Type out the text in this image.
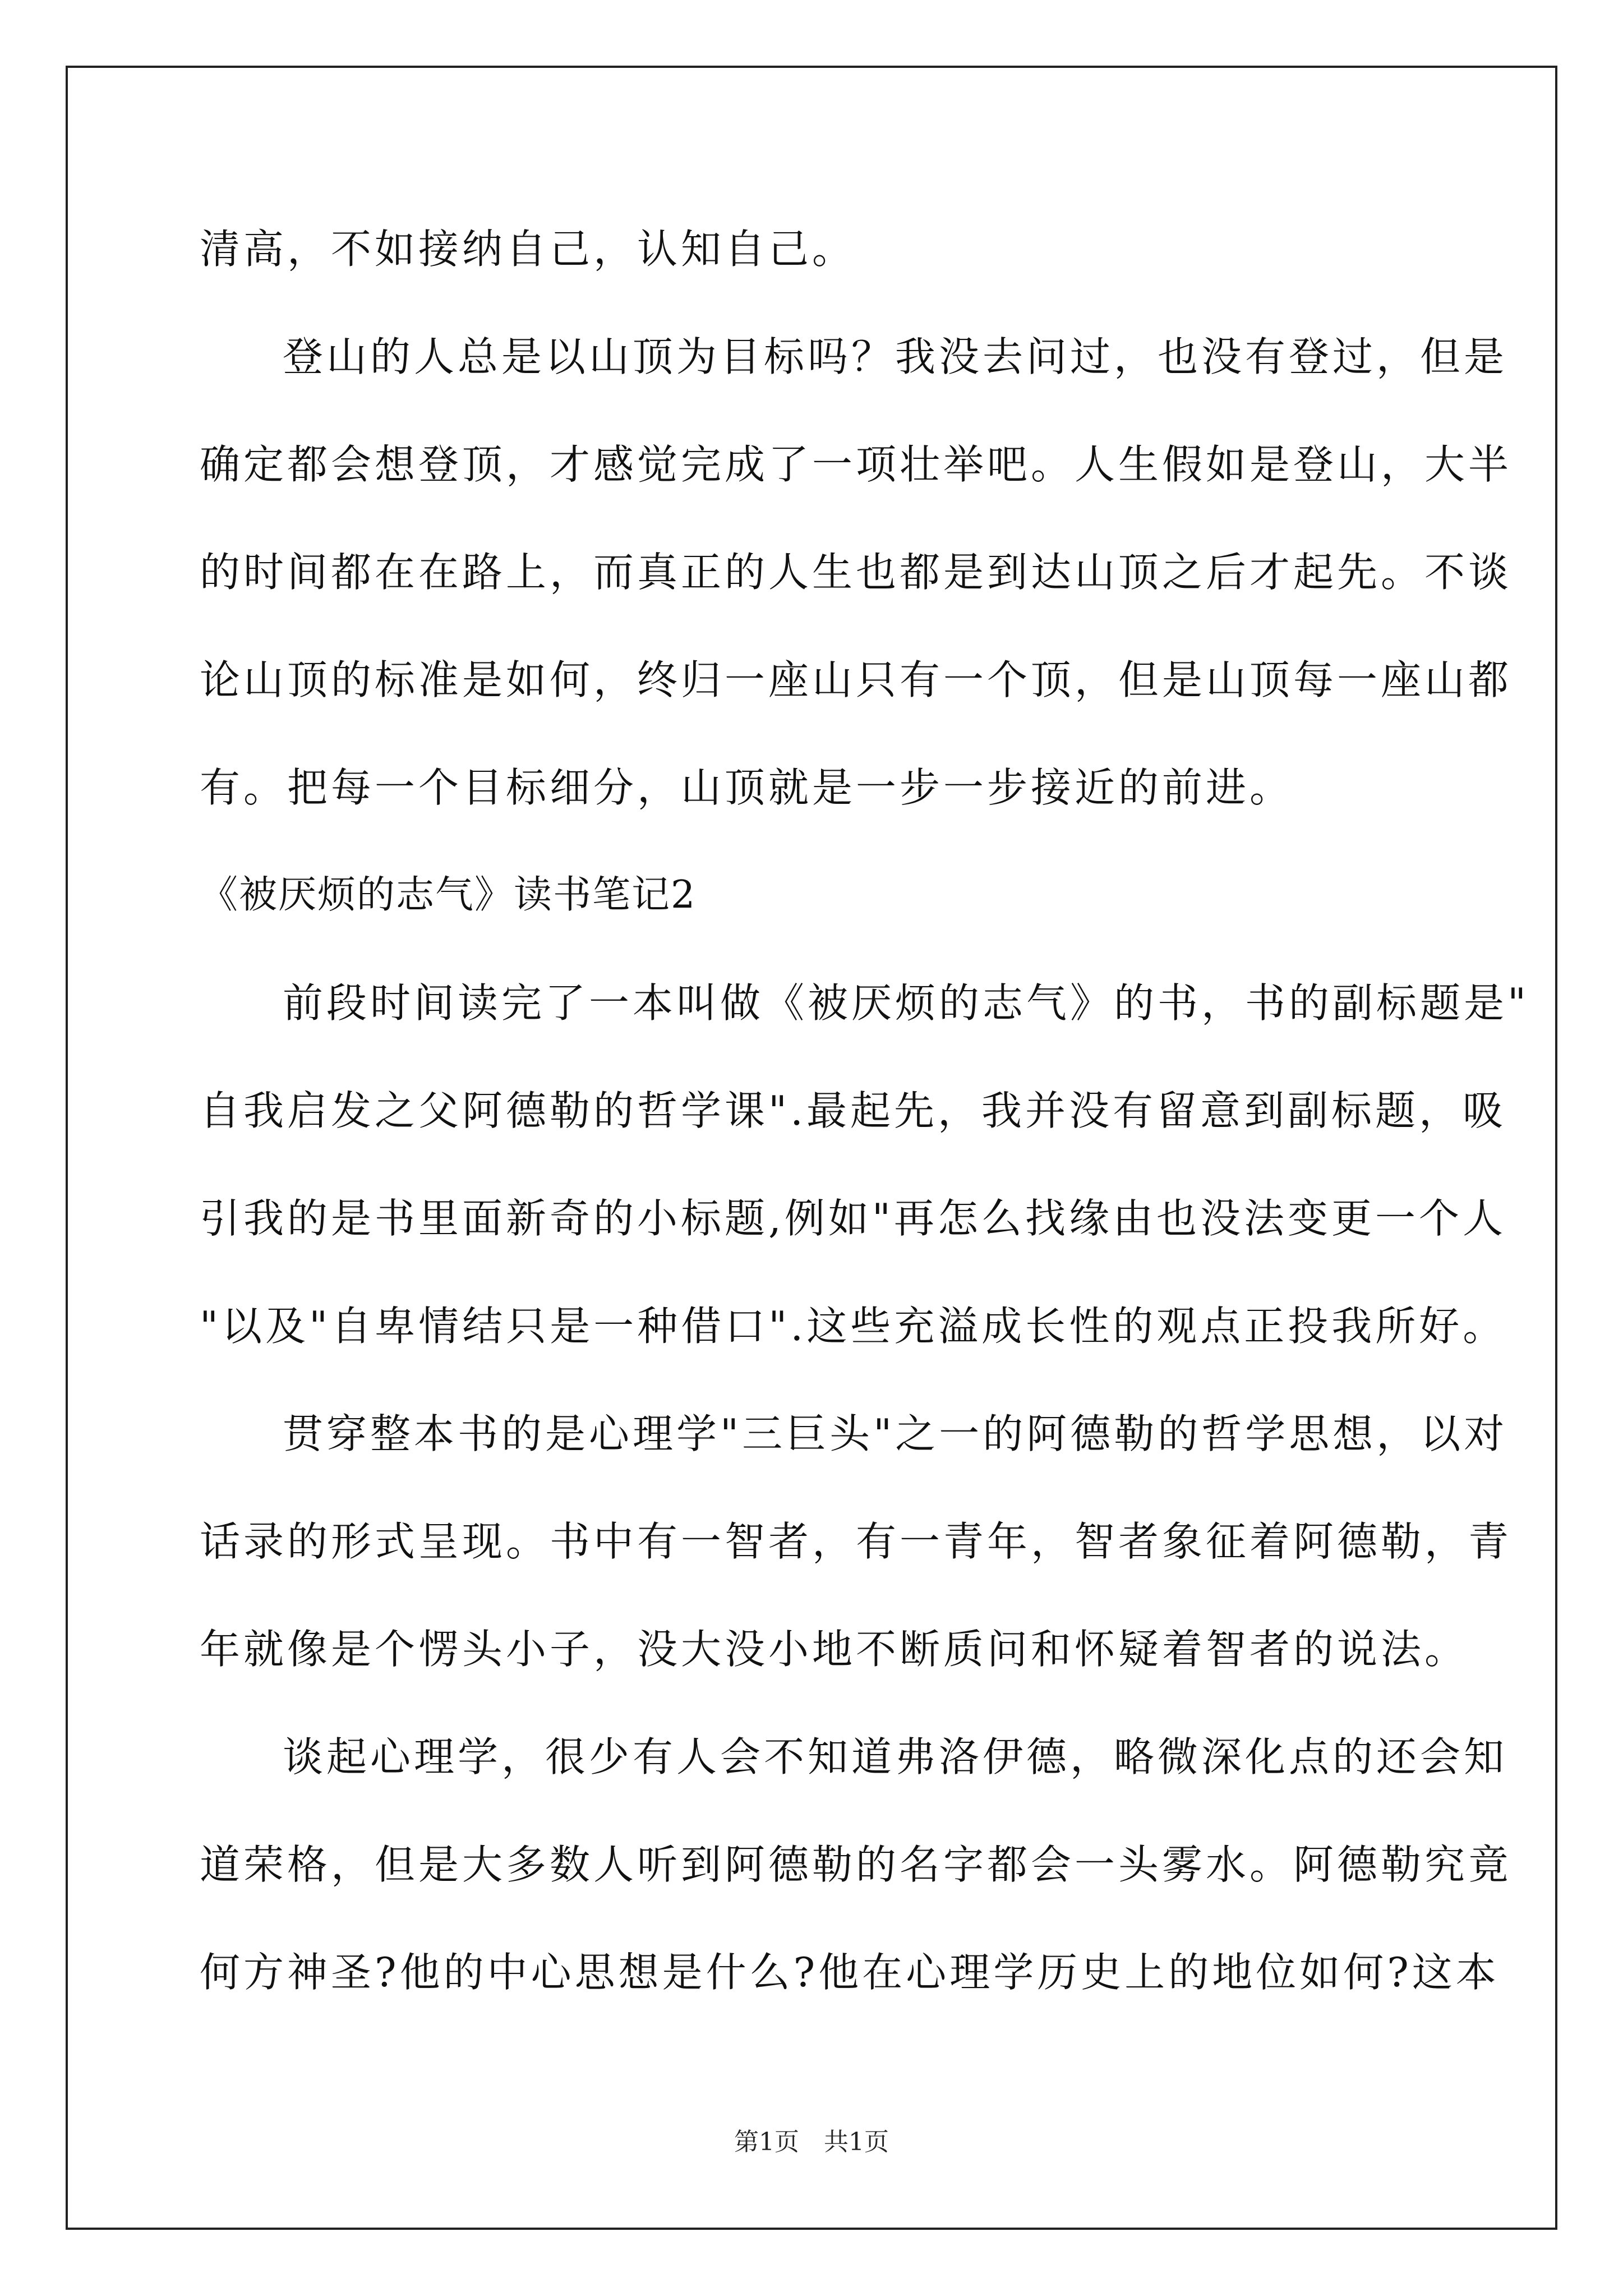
清高，不如接纳自己，认知自己。
登山的人总是以山顶为目标吗？我没去问过，也没有登过，但是
确定都会想登顶，才感觉完成了一项壮举吧。人生假如是登山，大半
的时间都在在路上，而真正的人生也都是到达山顶之后才起先。不谈
论山顶的标准是如何，终归一座山只有一个顶，但是山顶每一座山都
有。把每一个目标细分，山顶就是一步一步接近的前进。
《被厌烦的志气》读书笔记2
前段时间读完了一本叫做《被厌烦的志气》的书，书的副标题是"
自我启发之父阿德勒的哲学课".最起先，我并没有留意到副标题，吸
引我的是书里面新奇的小标题,例如"再怎么找缘由也没法变更一个人
"以及"自卑情结只是一种借口".这些充溢成长性的观点正投我所好。
贯穿整本书的是心理学"三巨头"之一的阿德勒的哲学思想，以对
话录的形式呈现。书中有一智者，有一青年，智者象征着阿德勒，青
年就像是个愣头小子，没大没小地不断质问和怀疑着智者的说法。
谈起心理学，很少有人会不知道弗洛伊德，略微深化点的还会知
道荣格，但是大多数人听到阿德勒的名字都会一头雾水。阿德勒究竟
何方神圣?他的中心思想是什么?他在心理学历史上的地位如何?这本
第1页　共1页
